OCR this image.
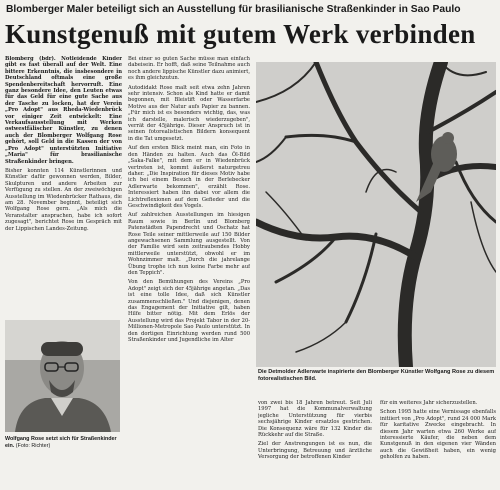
Blomberger Maler beteiligt sich an Ausstellung für brasilianische Straßenkinder in Sao Paulo
Kunstgenuß mit gutem Werk verbinden

Blomberg (bdr). Notleidende Kinder gibt es fast überall auf der Welt. Eine bittere Erkenntnis, die insbesondere in Deutschland oftmals eine große Spendenbereitschaft hervorruft. Eine ganz besondere Idee, den Leuten etwas für das Geld für eine gute Sache aus der Tasche zu locken, hat der Verein „Pro Adopt" aus Rheda-Wiedenbrück vor einiger Zeit entwickelt: Eine Verkaufsausstellung mit Werken ostwestfälischer Künstler, zu denen auch der Blomberger Wolfgang Rose gehört, soll Geld in die Kassen der von „Pro Adopt" unterstützten Initiative „Maria" für brasilianische Straßenkinder bringen.

Bisher konnten 114 Künstlerinnen und Künstler dafür gewonnen werden, Bilder, Skulpturen und andere Arbeiten zur Verfügung zu stellen. An der zweiwöchigen Ausstellung im Wiedenbrücker Rathaus, die am 28. November beginnt, beteiligt sich Wolfgang Rose gern. „Als mich die Veranstalter ansprachen, habe ich sofort zugesagt", berichtet Rose im Gespräch mit der Lippischen Landes-Zeitung.

Wolfgang Rose setzt sich für Straßenkinder ein. (Foto: Richter)

Bei einer so guten Sache müsse man einfach dabeisein. Er hofft, daß seine Teilnahme auch noch andere lippische Künstler dazu animiert, es ihm gleichzutun.

Autodidakt Rose malt seit etwa zehn Jahren sehr intensiv. Schon als Kind hatte er damit begonnen, mit Bleistift oder Wasserfarbe Motive aus der Natur aufs Papier zu bannen. „Für mich ist es besonders wichtig, das, was ich darstelle, malerisch wiederzugeben", verrät der 45jährige. Dieser Anspruch ist in seinen fotorealistischen Bildern konsequent in die Tat umgesetzt.

Auf den ersten Blick meint man, ein Foto in den Händen zu halten. Auch das Öl-Bild „Saka-Falke", mit dem er in Wiedenbrück vertreten ist, kommt äußerst naturgetreu daher. „Die Inspiration für dieses Motiv habe ich bei einem Besuch in der Berlebecker Adlerwarte bekommen", erzählt Rose. Interessiert haben ihn dabei vor allem die Lichtreflexionen auf dem Gefieder und die Geschwindigkeit des Vogels.

Auf zahlreichen Ausstellungen im hiesigen Raum sowie in Berlin und Blomberg Patenstädten Papendrecht und Oschatz hat Rose Teile seiner mittlerweile auf 150 Bilder angewachsenen Sammlung ausgestellt. Von der Familie wird sein zeitraubendes Hobby mittlerweile unterstützt, obwohl er im Wohnzimmer malt. „Durch die jahrelange Übung trophe ich nun keine Farbe mehr auf den Teppich".

Von den Bemühungen des Vereins „Pro Adopt" zeigt sich der 45jährige angetan. „Das ist eine tolle Idee, daß sich Künstler zusammenschließen." Und diejenigen, denen das Engagement der Initiative gilt, haben Hilfe bitter nötig. Mit dem Erlös der Ausstellung wird das Projekt Tabor in der 20-Millionen-Metropole Sao Paulo unterstützt. In den dortigen Einrichtung werden rund 500 Straßenkinder und Jugendliche im Alter

Die Detmolder Adlerwarte inspirierte den Blomberger Künstler Wolfgang Rose zu diesem fotorealistischen Bild.

von zwei bis 18 Jahren betreut. Seit Juli 1997 hat die Kommunalverwaltung jegliche Unterstützung für vierbis sechsjährige Kinder ersatzlos gestrichen. Die Konsequenz wäre für 132 Kinder die Rückkehr auf die Straße.

Ziel der Anstrengungen ist es nun, die Unterbringung, Betreuung und ärztliche Versorgung der betroffenen Kinder

für ein weiteres Jahr sicherzustellen.

Schon 1995 hatte eine Vernissage ebenfalls initiiert von „Pro Adopt", rund 24 000 Mark für karitative Zwecke eingebracht. In diesem Jahr warten etwa 260 Werke auf interessierte Käufer, die neben dem Kunstgenuß in den eigenen vier Wänden auch die Gewißheit haben, ein wenig geholfen zu haben.
